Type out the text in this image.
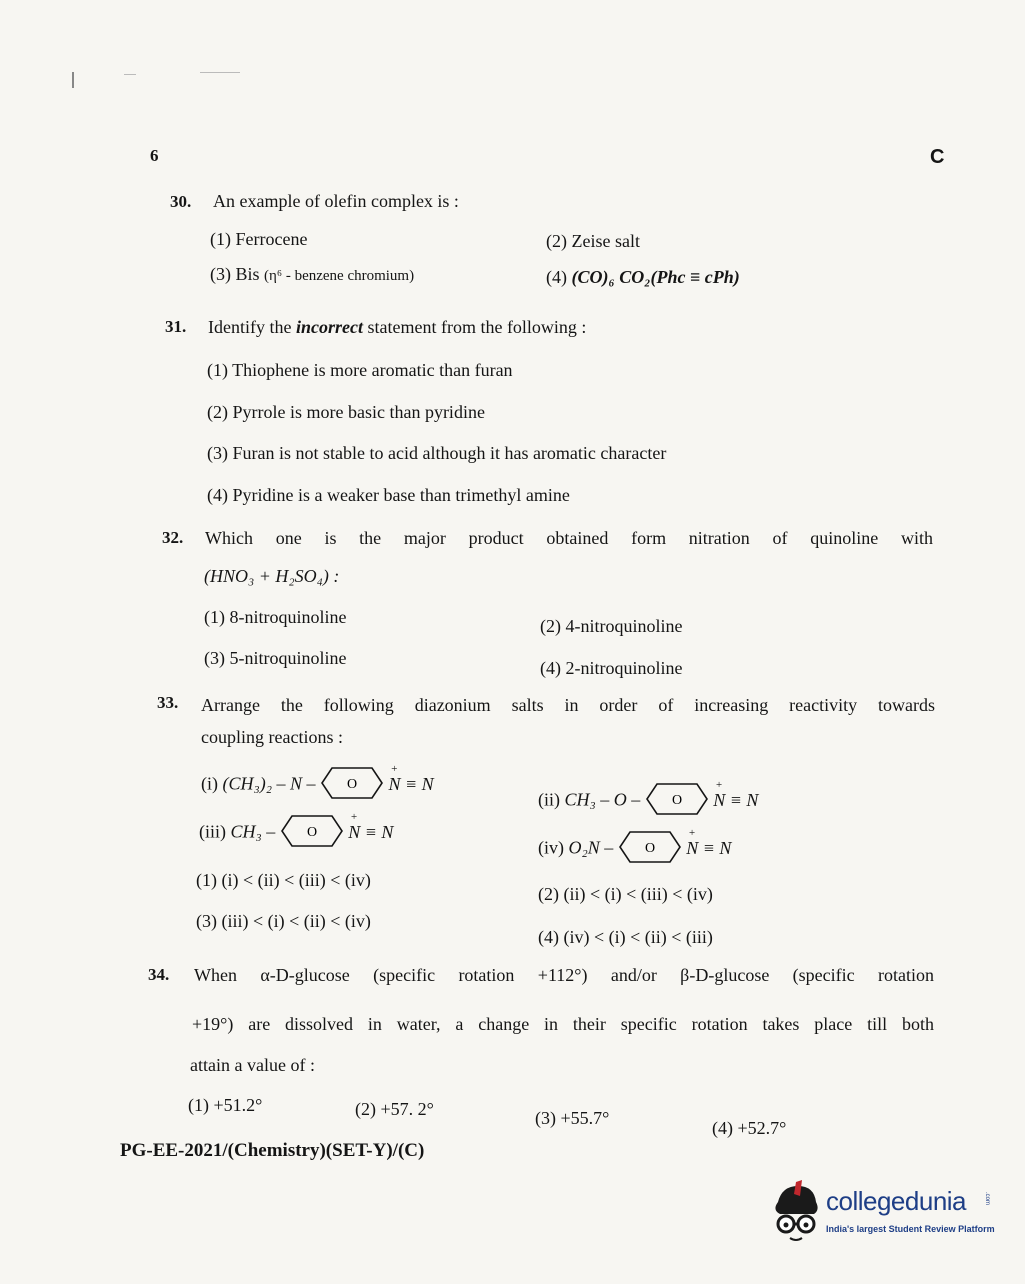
6	C
30. An example of olefin complex is :
(1) Ferrocene	(2) Zeise salt
(3) Bis (η⁶ - benzene chromium)	(4) (CO)₆ CO₂(Phc ≡ cPh)
31. Identify the incorrect statement from the following :
(1) Thiophene is more aromatic than furan
(2) Pyrrole is more basic than pyridine
(3) Furan is not stable to acid although it has aromatic character
(4) Pyridine is a weaker base than trimethyl amine
32. Which one is the major product obtained form nitration of quinoline with
(HNO₃ + H₂SO₄) :
(1) 8-nitroquinoline	(2) 4-nitroquinoline
(3) 5-nitroquinoline	(4) 2-nitroquinoline
33. Arrange the following diazonium salts in order of increasing reactivity towards
coupling reactions :
(i) (CH₃)₂ – N – O

+
N ≡ N
(ii) CH₃ – O – O

+
N ≡ N
(iii) CH₃ – O

+
N ≡ N
(iv) O₂N – O

+
N ≡ N
(1) (i) < (ii) < (iii) < (iv)
(2) (ii) < (i) < (iii) < (iv)
(3) (iii) < (i) < (ii) < (iv)
(4) (iv) < (i) < (ii) < (iii)
34. When α-D-glucose (specific rotation +112°) and/or β-D-glucose (specific rotation
+19°) are dissolved in water, a change in their specific rotation takes place till both
attain a value of :
(1) +51.2°	(2) +57. 2°	(3) +55.7°	(4) +52.7°
PG-EE-2021/(Chemistry)(SET-Y)/(C)
collegedunia	.com
India's largest Student Review Platform
